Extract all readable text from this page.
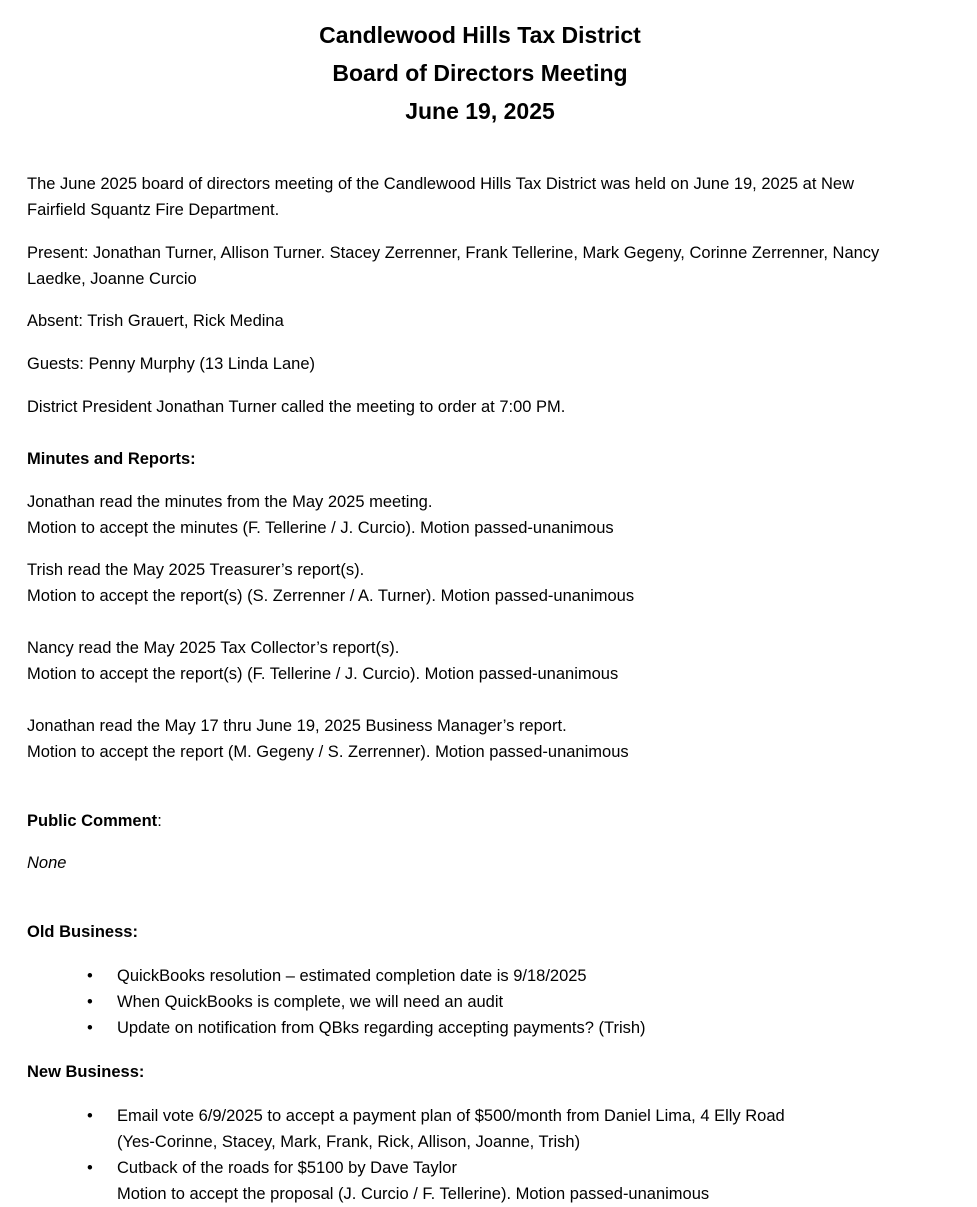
Candlewood Hills Tax District
Board of Directors Meeting
June 19, 2025
The June 2025 board of directors meeting of the Candlewood Hills Tax District was held on June 19, 2025 at New
Fairfield Squantz Fire Department.
Present: Jonathan Turner, Allison Turner. Stacey Zerrenner, Frank Tellerine, Mark Gegeny, Corinne Zerrenner, Nancy
Laedke, Joanne Curcio
Absent: Trish Grauert, Rick Medina
Guests: Penny Murphy (13 Linda Lane)
District President Jonathan Turner called the meeting to order at 7:00 PM.
Minutes and Reports:
Jonathan read the minutes from the May 2025 meeting.
Motion to accept the minutes (F. Tellerine / J. Curcio). Motion passed-unanimous
Trish read the May 2025 Treasurer’s report(s).
Motion to accept the report(s) (S. Zerrenner / A. Turner). Motion passed-unanimous
Nancy read the May 2025 Tax Collector’s report(s).
Motion to accept the report(s) (F. Tellerine / J. Curcio). Motion passed-unanimous
Jonathan read the May 17 thru June 19, 2025 Business Manager’s report.
Motion to accept the report (M. Gegeny / S. Zerrenner). Motion passed-unanimous
Public Comment:
None
Old Business:
• QuickBooks resolution – estimated completion date is 9/18/2025
• When QuickBooks is complete, we will need an audit
• Update on notification from QBks regarding accepting payments? (Trish)
New Business:
• Email vote 6/9/2025 to accept a payment plan of $500/month from Daniel Lima, 4 Elly Road
(Yes-Corinne, Stacey, Mark, Frank, Rick, Allison, Joanne, Trish)
• Cutback of the roads for $5100 by Dave Taylor
Motion to accept the proposal (J. Curcio / F. Tellerine). Motion passed-unanimous
